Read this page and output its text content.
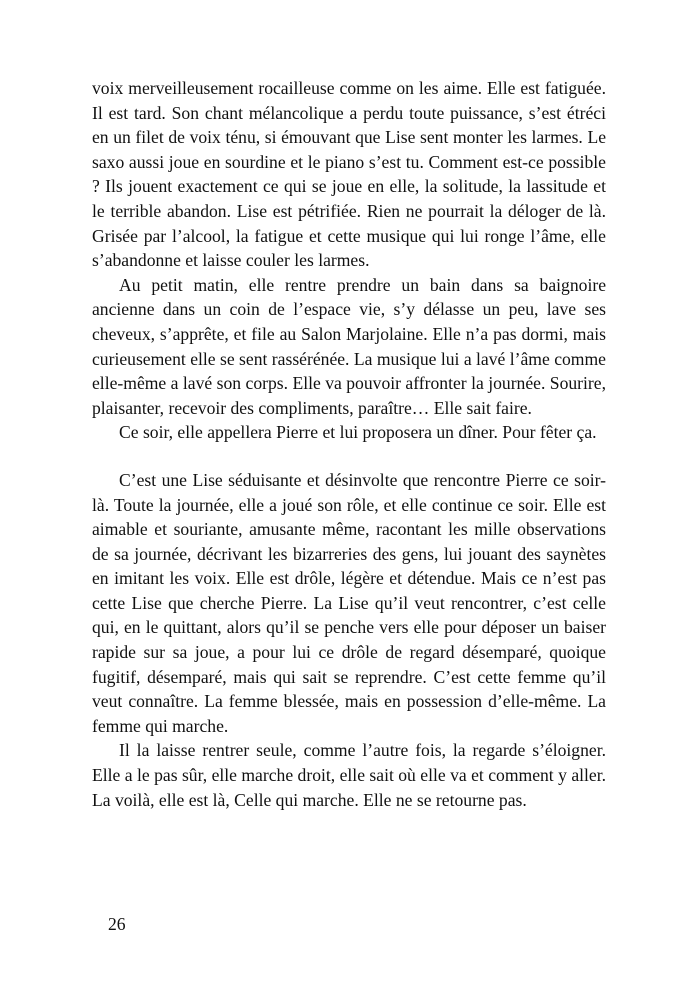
voix merveilleusement rocailleuse comme on les aime. Elle est fatiguée. Il est tard. Son chant mélancolique a perdu toute puissance, s’est étréci en un filet de voix ténu, si émouvant que Lise sent monter les larmes. Le saxo aussi joue en sourdine et le piano s’est tu. Comment est-ce possible ? Ils jouent exactement ce qui se joue en elle, la solitude, la lassitude et le terrible abandon. Lise est pétrifiée. Rien ne pourrait la déloger de là. Grisée par l’alcool, la fatigue et cette musique qui lui ronge l’âme, elle s’abandonne et laisse couler les larmes.

Au petit matin, elle rentre prendre un bain dans sa baignoire ancienne dans un coin de l’espace vie, s’y délasse un peu, lave ses cheveux, s’apprête, et file au Salon Marjolaine. Elle n’a pas dormi, mais curieusement elle se sent rassérénée. La musique lui a lavé l’âme comme elle-même a lavé son corps. Elle va pouvoir affronter la journée. Sourire, plaisanter, recevoir des compliments, paraître… Elle sait faire.

Ce soir, elle appellera Pierre et lui proposera un dîner. Pour fêter ça.

C’est une Lise séduisante et désinvolte que rencontre Pierre ce soir-là. Toute la journée, elle a joué son rôle, et elle continue ce soir. Elle est aimable et souriante, amusante même, racontant les mille observations de sa journée, décrivant les bizarreries des gens, lui jouant des saynètes en imitant les voix. Elle est drôle, légère et détendue. Mais ce n’est pas cette Lise que cherche Pierre. La Lise qu’il veut rencontrer, c’est celle qui, en le quittant, alors qu’il se penche vers elle pour déposer un baiser rapide sur sa joue, a pour lui ce drôle de regard désemparé, quoique fugitif, désemparé, mais qui sait se reprendre. C’est cette femme qu’il veut connaître. La femme blessée, mais en possession d’elle-même. La femme qui marche.

Il la laisse rentrer seule, comme l’autre fois, la regarde s’éloigner. Elle a le pas sûr, elle marche droit, elle sait où elle va et comment y aller. La voilà, elle est là, Celle qui marche. Elle ne se retourne pas.

26
